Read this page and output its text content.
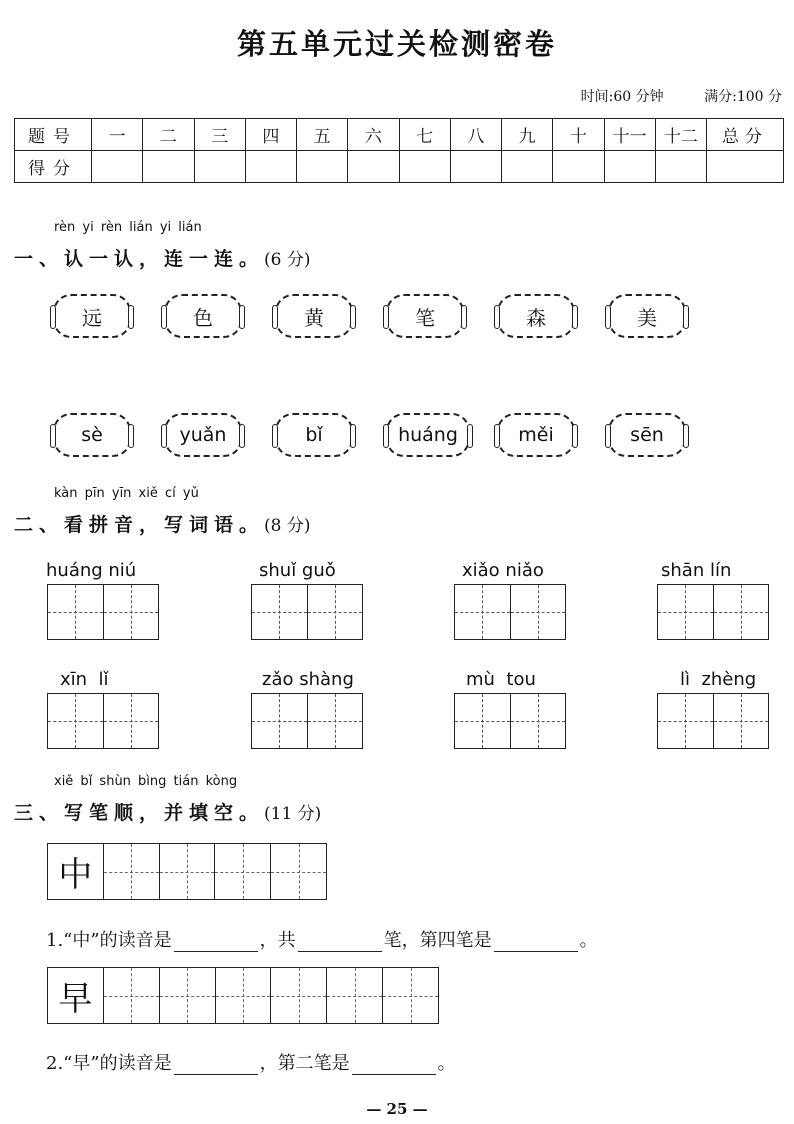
第五单元过关检测密卷
时间:60 分钟	满分:100 分
题号	一	二	三	四	五	六	七	八	九	十	十一	十二	总分
得分													
rèn yi rèn lián yi lián
一、认一认，连一连。(6 分)
远	色	黄	笔	森	美
sè	yuǎn	bǐ	huáng	měi	sēn
kàn pīn yīn xiě cí yǔ
二、看拼音，写词语。(8 分)
huáng niú	shuǐ guǒ	xiǎo niǎo	shān lín
xīn  lǐ	zǎo shàng	mù  tou	lì  zhèng
xiě bǐ shùn bìng tián kòng
三、写笔顺，并填空。(11 分)
中
1.“中”的读音是	，共	笔，第四笔是	。
早
2.“早”的读音是	，第二笔是	。
— 25 —
